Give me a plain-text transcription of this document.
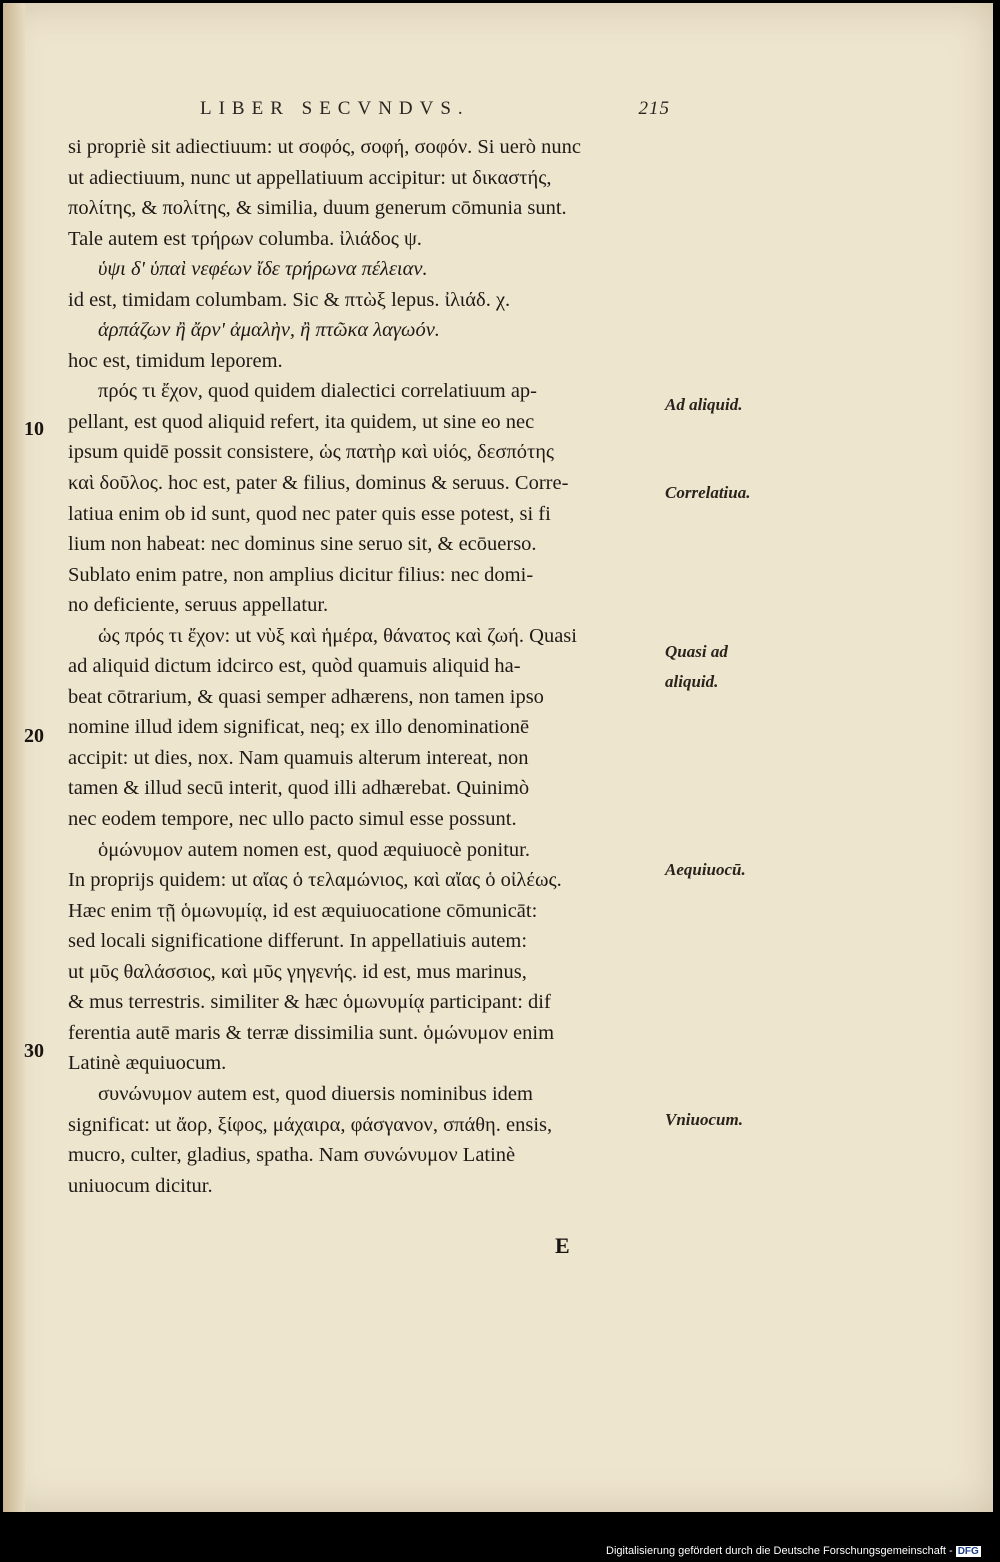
LIBER SECVNDVS.	215
si propriè sit adiectiuum: ut σοφός, σοφή, σοφόν. Si uerò nunc
ut adiectiuum, nunc ut appellatiuum accipitur: ut δικαστής,
πολίτης, & πολίτης, & similia, duum generum cōmunia sunt.
Tale autem est τρήρων columba. ἰλιάδος ψ.
ὑψι δ' ὑπαὶ νεφέων ἴδε τρήρωνα πέλειαν.
id est, timidam columbam. Sic & πτὼξ lepus. ἰλιάδ. χ.
ἁρπάζων ἢ ἄρν' ἀμαλὴν, ἢ πτῶκα λαγωόν.
hoc est, timidum leporem.
πρός τι ἔχον, quod quidem dialectici correlatiuum ap-
pellant, est quod aliquid refert, ita quidem, ut sine eo nec
ipsum quidē possit consistere, ὡς πατὴρ καὶ υἱός, δεσπότης
καὶ δοῦλος. hoc est, pater & filius, dominus & seruus. Corre-
latiua enim ob id sunt, quod nec pater quis esse potest, si fi
lium non habeat: nec dominus sine seruo sit, & ecōuerso.
Sublato enim patre, non amplius dicitur filius: nec domi-
no deficiente, seruus appellatur.
ὡς πρός τι ἔχον: ut νὺξ καὶ ἡμέρα, θάνατος καὶ ζωή. Quasi
ad aliquid dictum idcirco est, quòd quamuis aliquid ha-
beat cōtrarium, & quasi semper adhærens, non tamen ipso
nomine illud idem significat, neq; ex illo denominationē
accipit: ut dies, nox. Nam quamuis alterum intereat, non
tamen & illud secū interit, quod illi adhærebat. Quinimò
nec eodem tempore, nec ullo pacto simul esse possunt.
ὁμώνυμον autem nomen est, quod æquiuocè ponitur.
In proprijs quidem: ut αἴας ὁ τελαμώνιος, καὶ αἴας ὁ οἰλέως.
Hæc enim τῇ ὁμωνυμίᾳ, id est æquiuocatione cōmunicāt:
sed locali significatione differunt. In appellatiuis autem:
ut μῦς θαλάσσιος, καὶ μῦς γηγενής. id est, mus marinus,
& mus terrestris. similiter & hæc ὁμωνυμίᾳ participant: dif
ferentia autē maris & terræ dissimilia sunt. ὁμώνυμον enim
Latinè æquiuocum.
συνώνυμον autem est, quod diuersis nominibus idem
significat: ut ἄορ, ξίφος, μάχαιρα, φάσγανον, σπάθη. ensis,
mucro, culter, gladius, spatha. Nam συνώνυμον Latinè
uniuocum dicitur.
Ad aliquid.
Correlatiua.
Quasi ad
aliquid.
Aequiuocū.
Vniuocum.
10
20
30
E
Digitalisierung gefördert durch die Deutsche Forschungsgemeinschaft - DFG
